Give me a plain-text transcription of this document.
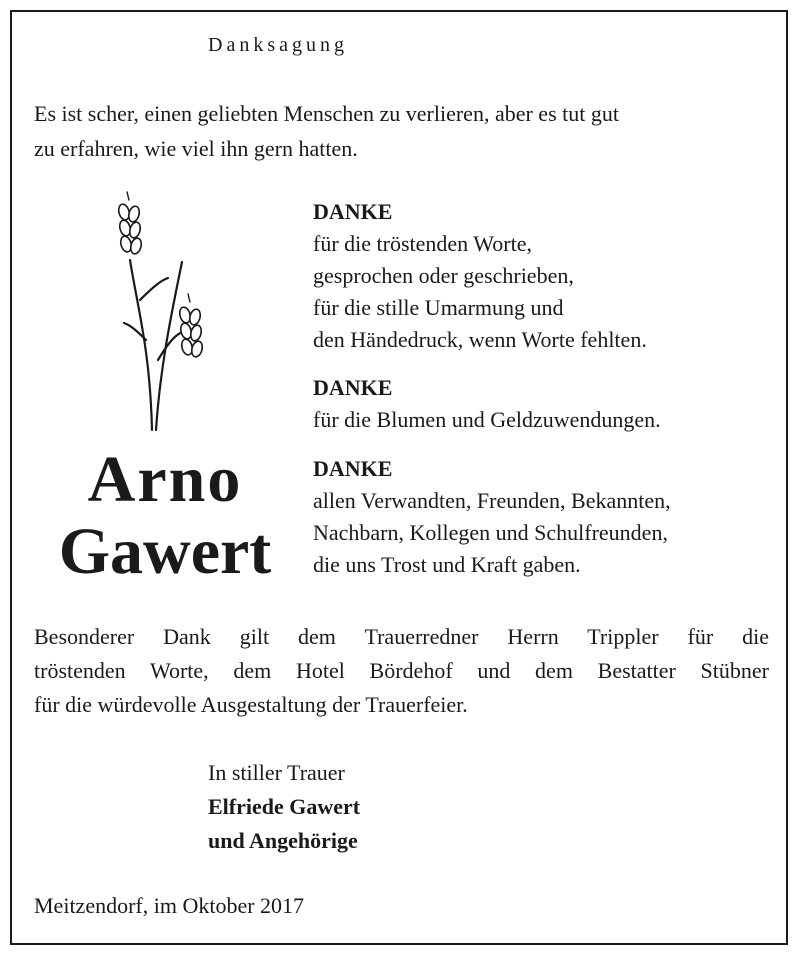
Danksagung
Es ist scher, einen geliebten Menschen zu verlieren, aber es tut gut
zu erfahren, wie viel ihn gern hatten.
Arno
Gawert
DANKE
für die tröstenden Worte,
gesprochen oder geschrieben,
für die stille Umarmung und
den Händedruck, wenn Worte fehlten.
DANKE
für die Blumen und Geldzuwendungen.
DANKE
allen Verwandten, Freunden, Bekannten,
Nachbarn, Kollegen und Schulfreunden,
die uns Trost und Kraft gaben.
Besonderer Dank gilt dem Trauerredner Herrn Trippler für die
tröstenden Worte, dem Hotel Bördehof und dem Bestatter Stübner
für die würdevolle Ausgestaltung der Trauerfeier.
In stiller Trauer
Elfriede Gawert
und Angehörige
Meitzendorf, im Oktober 2017
